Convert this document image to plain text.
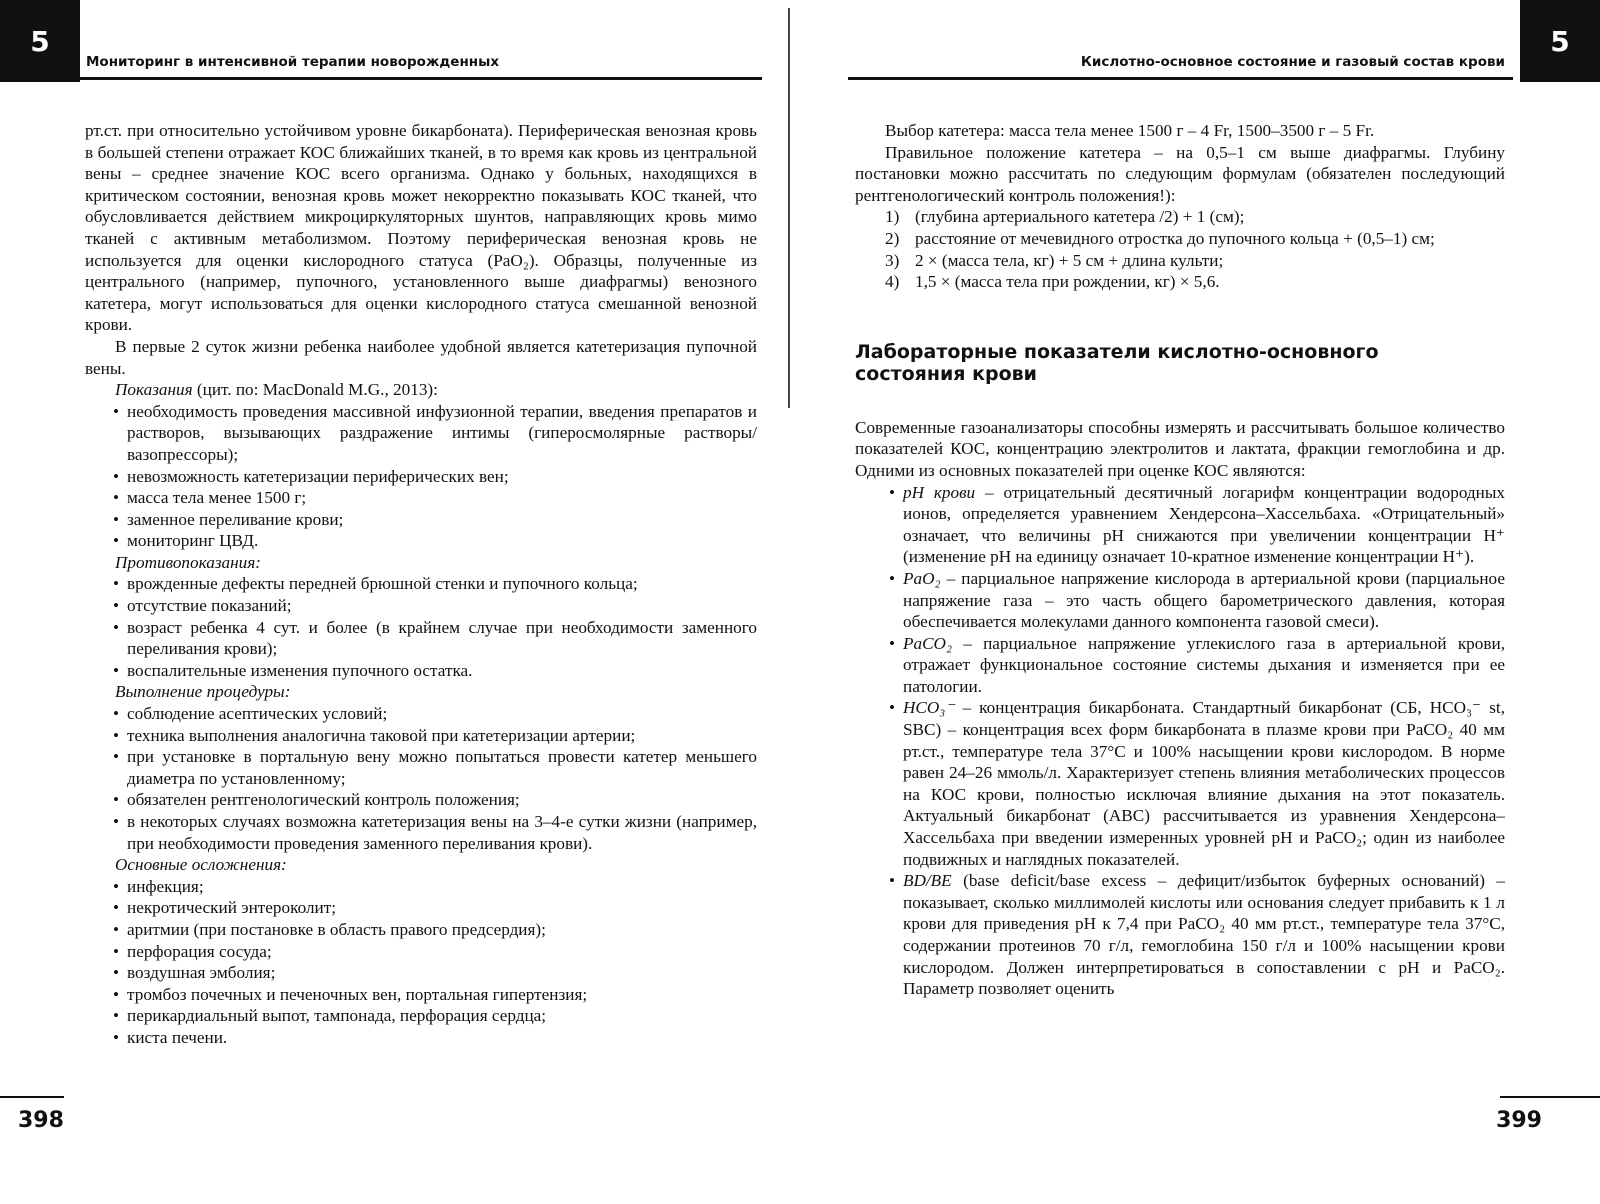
5
Мониторинг в интенсивной терапии новорожденных

рт.ст. при относительно устойчивом уровне бикарбоната). Периферическая венозная кровь в большей степени отражает КОС ближайших тканей, в то время как кровь из центральной вены – среднее значение КОС всего организма. Однако у больных, находящихся в критическом состоянии, венозная кровь может некорректно показывать КОС тканей, что обусловливается действием микроциркуляторных шунтов, направляющих кровь мимо тканей с активным метаболизмом. Поэтому периферическая венозная кровь не используется для оценки кислородного статуса (PaO₂). Образцы, полученные из центрального (например, пупочного, установленного выше диафрагмы) венозного катетера, могут использоваться для оценки кислородного статуса смешанной венозной крови.

В первые 2 суток жизни ребенка наиболее удобной является катетеризация пупочной вены.

Показания (цит. по: MacDonald M.G., 2013):

• необходимость проведения массивной инфузионной терапии, введения препаратов и растворов, вызывающих раздражение интимы (гиперосмолярные растворы/вазопрессоры);
• невозможность катетеризации периферических вен;
• масса тела менее 1500 г;
• заменное переливание крови;
• мониторинг ЦВД.

Противопоказания:

• врожденные дефекты передней брюшной стенки и пупочного кольца;
• отсутствие показаний;
• возраст ребенка 4 сут. и более (в крайнем случае при необходимости заменного переливания крови);
• воспалительные изменения пупочного остатка.

Выполнение процедуры:

• соблюдение асептических условий;
• техника выполнения аналогична таковой при катетеризации артерии;
• при установке в портальную вену можно попытаться провести катетер меньшего диаметра по установленному;
• обязателен рентгенологический контроль положения;
• в некоторых случаях возможна катетеризация вены на 3–4-е сутки жизни (например, при необходимости проведения заменного переливания крови).

Основные осложнения:

• инфекция;
• некротический энтероколит;
• аритмии (при постановке в область правого предсердия);
• перфорация сосуда;
• воздушная эмболия;
• тромбоз почечных и печеночных вен, портальная гипертензия;
• перикардиальный выпот, тампонада, перфорация сердца;
• киста печени.
398
5
Кислотно-основное состояние и газовый состав крови

Выбор катетера: масса тела менее 1500 г – 4 Fr, 1500–3500 г – 5 Fr.

Правильное положение катетера – на 0,5–1 см выше диафрагмы. Глубину постановки можно рассчитать по следующим формулам (обязателен последующий рентгенологический контроль положения!):

1) (глубина артериального катетера /2) + 1 (см);
2) расстояние от мечевидного отростка до пупочного кольца + (0,5–1) см;
3) 2 × (масса тела, кг) + 5 см + длина культи;
4) 1,5 × (масса тела при рождении, кг) × 5,6.
Лабораторные показатели кислотно-основного
состояния крови

Современные газоанализаторы способны измерять и рассчитывать большое количество показателей КОС, концентрацию электролитов и лактата, фракции гемоглобина и др. Одними из основных показателей при оценке КОС являются:

• pH крови – отрицательный десятичный логарифм концентрации водородных ионов, определяется уравнением Хендерсона–Хассельбаха. «Отрицательный» означает, что величины pH снижаются при увеличении концентрации H⁺ (изменение pH на единицу означает 10-кратное изменение концентрации H⁺).
• PaO₂ – парциальное напряжение кислорода в артериальной крови (парциальное напряжение газа – это часть общего барометрического давления, которая обеспечивается молекулами данного компонента газовой смеси).
• PaCO₂ – парциальное напряжение углекислого газа в артериальной крови, отражает функциональное состояние системы дыхания и изменяется при ее патологии.
• HCO₃⁻ – концентрация бикарбоната. Стандартный бикарбонат (СБ, HCO₃⁻ st, SBC) – концентрация всех форм бикарбоната в плазме крови при PaCO₂ 40 мм рт.ст., температуре тела 37°C и 100% насыщении крови кислородом. В норме равен 24–26 ммоль/л. Характеризует степень влияния метаболических процессов на КОС крови, полностью исключая влияние дыхания на этот показатель. Актуальный бикарбонат (АВС) рассчитывается из уравнения Хендерсона–Хассельбаха при введении измеренных уровней pH и PaCO₂; один из наиболее подвижных и наглядных показателей.
• BD/BE (base deficit/base excess – дефицит/избыток буферных оснований) – показывает, сколько миллимолей кислоты или основания следует прибавить к 1 л крови для приведения pH к 7,4 при PaCO₂ 40 мм рт.ст., температуре тела 37°C, содержании протеинов 70 г/л, гемоглобина 150 г/л и 100% насыщении крови кислородом. Должен интерпретироваться в сопоставлении с pH и PaCO₂. Параметр позволяет оценить
399
